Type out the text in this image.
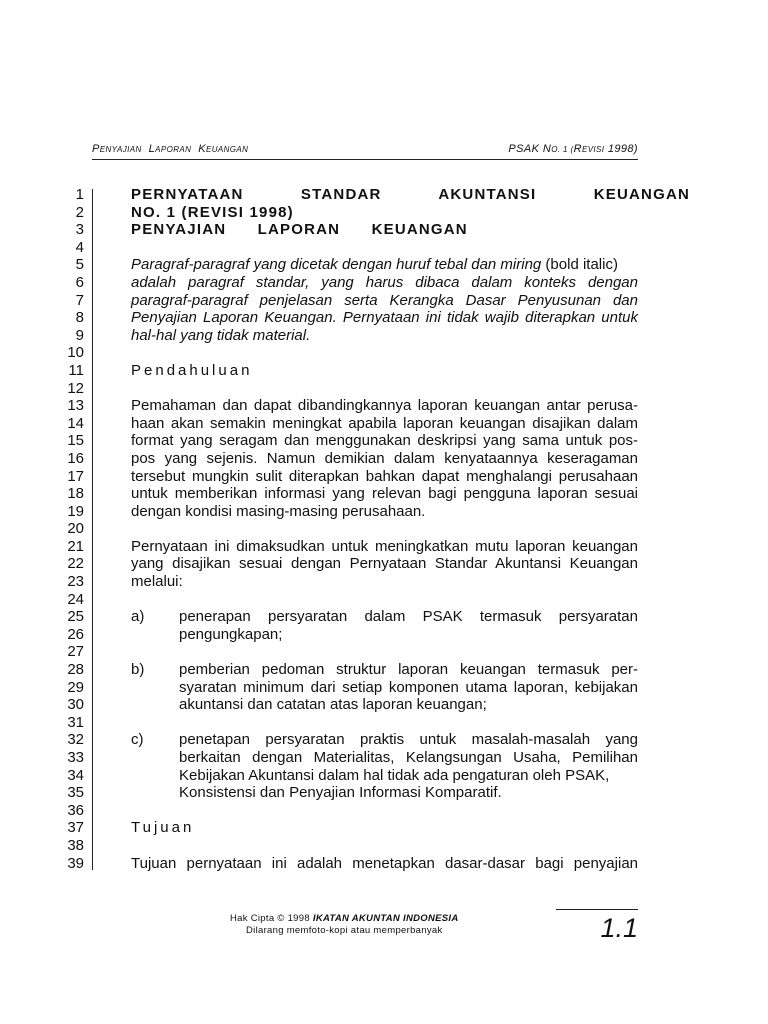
PENYAJIAN LAPORAN KEUANGAN	PSAK NO. 1 (REVISI 1998)
1
2
3
4
5
6
7
8
9
10
11
12
13
14
15
16
17
18
19
20
21
22
23
24
25
26
27
28
29
30
31
32
33
34
35
36
37
38
39
PERNYATAAN STANDAR AKUNTANSI KEUANGAN
NO. 1 (REVISI 1998)
PENYAJIAN LAPORAN KEUANGAN
Paragraf-paragraf yang dicetak dengan huruf tebal dan miring (bold italic)
adalah paragraf standar, yang harus dibaca dalam konteks dengan
paragraf-paragraf penjelasan serta Kerangka Dasar Penyusunan dan
Penyajian Laporan Keuangan. Pernyataan ini tidak wajib diterapkan untuk
hal-hal yang tidak material.
Pendahuluan
Pemahaman dan dapat dibandingkannya laporan keuangan antar perusa-
haan akan semakin meningkat apabila laporan keuangan disajikan dalam
format yang seragam dan menggunakan deskripsi yang sama untuk pos-
pos yang sejenis. Namun demikian dalam kenyataannya keseragaman
tersebut mungkin sulit diterapkan bahkan dapat menghalangi perusahaan
untuk memberikan informasi yang relevan bagi pengguna laporan sesuai
dengan kondisi masing-masing perusahaan.
Pernyataan ini dimaksudkan untuk meningkatkan mutu laporan keuangan
yang disajikan sesuai dengan Pernyataan Standar Akuntansi Keuangan
melalui:
a) penerapan persyaratan dalam PSAK termasuk persyaratan
pengungkapan;
b) pemberian pedoman struktur laporan keuangan termasuk per-
syaratan minimum dari setiap komponen utama laporan, kebijakan
akuntansi dan catatan atas laporan keuangan;
c) penetapan persyaratan praktis untuk masalah-masalah yang
berkaitan dengan Materialitas, Kelangsungan Usaha, Pemilihan
Kebijakan Akuntansi dalam hal tidak ada pengaturan oleh PSAK,
Konsistensi dan Penyajian Informasi Komparatif.
Tujuan
Tujuan pernyataan ini adalah menetapkan dasar-dasar bagi penyajian
Hak Cipta © 1998 IKATAN AKUNTAN INDONESIA
Dilarang memfoto-kopi atau memperbanyak	1.1
